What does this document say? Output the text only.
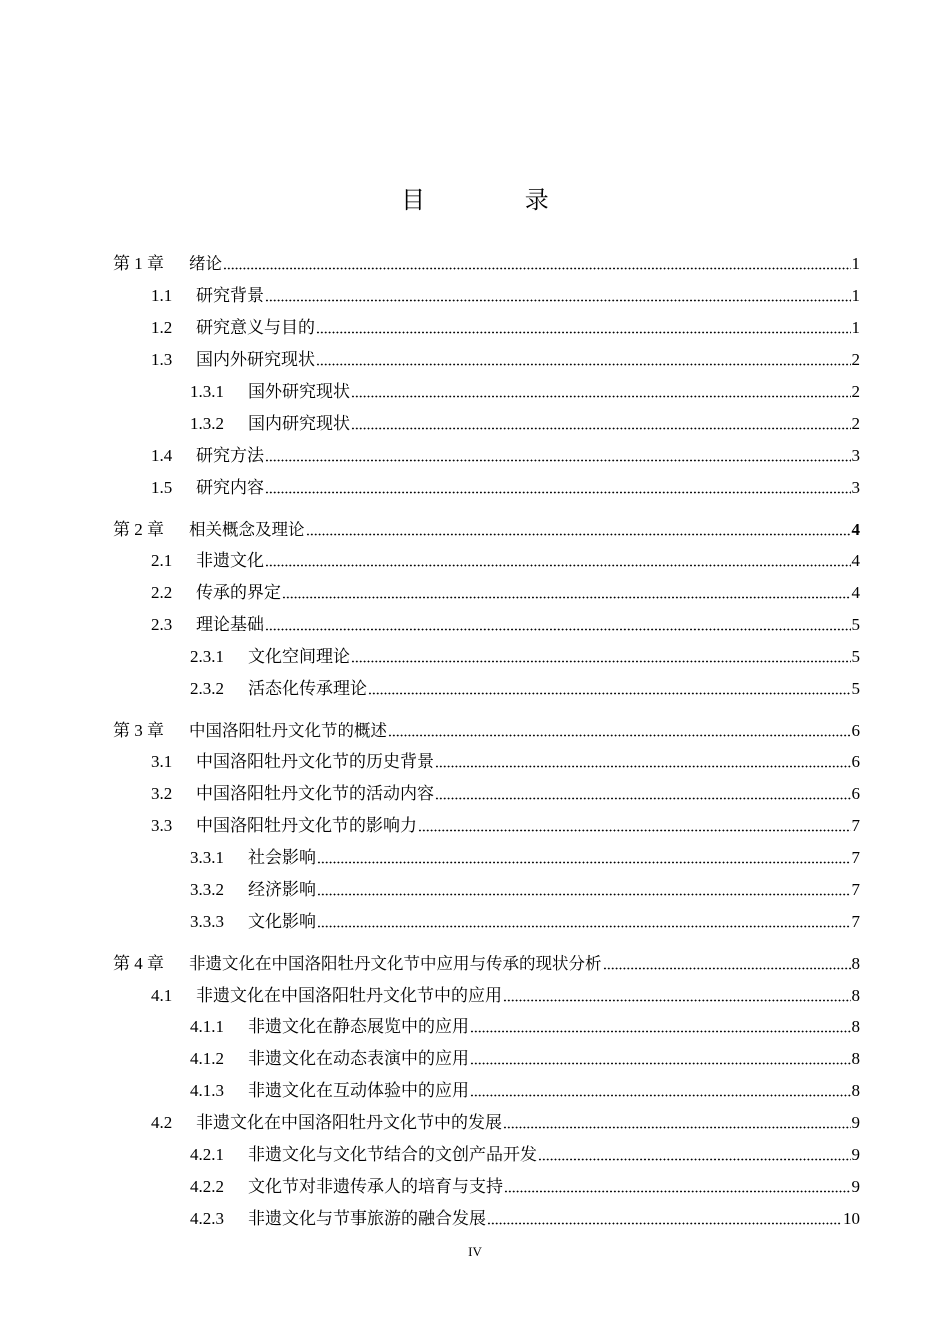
目 录
第 1 章	绪论	1
1.1	研究背景	1
1.2	研究意义与目的	1
1.3	国内外研究现状	2
1.3.1	国外研究现状	2
1.3.2	国内研究现状	2
1.4	研究方法	3
1.5	研究内容	3
第 2 章	相关概念及理论	4
2.1	非遗文化	4
2.2	传承的界定	4
2.3	理论基础	5
2.3.1	文化空间理论	5
2.3.2	活态化传承理论	5
第 3 章	中国洛阳牡丹文化节的概述	6
3.1	中国洛阳牡丹文化节的历史背景	6
3.2	中国洛阳牡丹文化节的活动内容	6
3.3	中国洛阳牡丹文化节的影响力	7
3.3.1	社会影响	7
3.3.2	经济影响	7
3.3.3	文化影响	7
第 4 章	非遗文化在中国洛阳牡丹文化节中应用与传承的现状分析	8
4.1	非遗文化在中国洛阳牡丹文化节中的应用	8
4.1.1	非遗文化在静态展览中的应用	8
4.1.2	非遗文化在动态表演中的应用	8
4.1.3	非遗文化在互动体验中的应用	8
4.2	非遗文化在中国洛阳牡丹文化节中的发展	9
4.2.1	非遗文化与文化节结合的文创产品开发	9
4.2.2	文化节对非遗传承人的培育与支持	9
4.2.3	非遗文化与节事旅游的融合发展	10
IV
